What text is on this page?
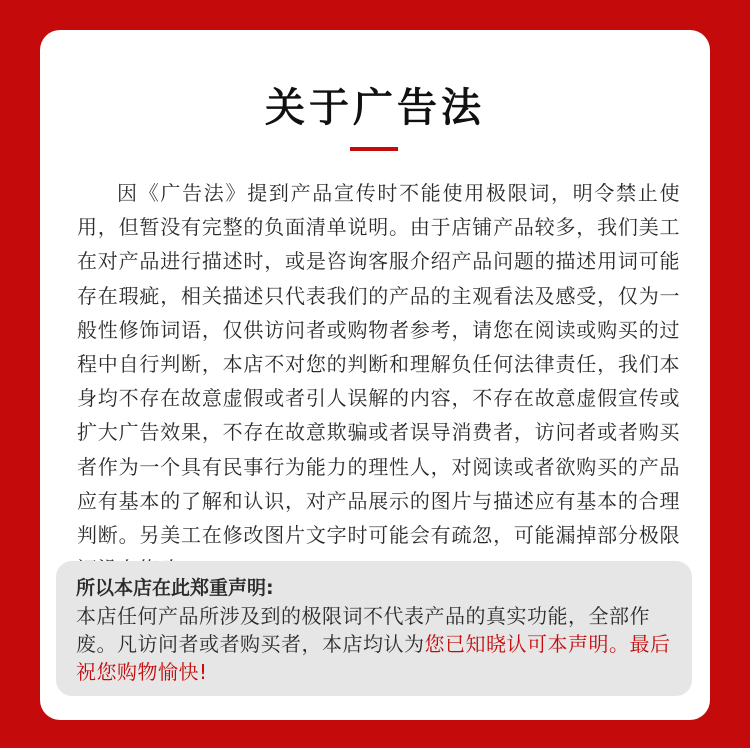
关于广告法

因《广告法》提到产品宣传时不能使用极限词，明令禁止使用，但暂没有完整的负面清单说明。由于店铺产品较多，我们美工在对产品进行描述时，或是咨询客服介绍产品问题的描述用词可能存在瑕疵，相关描述只代表我们的产品的主观看法及感受，仅为一般性修饰词语，仅供访问者或购物者参考，请您在阅读或购买的过程中自行判断，本店不对您的判断和理解负任何法律责任，我们本身均不存在故意虚假或者引人误解的内容，不存在故意虚假宣传或扩大广告效果，不存在故意欺骗或者误导消费者，访问者或者购买者作为一个具有民事行为能力的理性人，对阅读或者欲购买的产品应有基本的了解和认识，对产品展示的图片与描述应有基本的合理判断。另美工在修改图片文字时可能会有疏忽，可能漏掉部分极限

所以本店在此郑重声明:

本店任何产品所涉及到的极限词不代表产品的真实功能，全部作废。凡访问者或者购买者，本店均认为您已知晓认可本声明。最后祝您购物愉快!
